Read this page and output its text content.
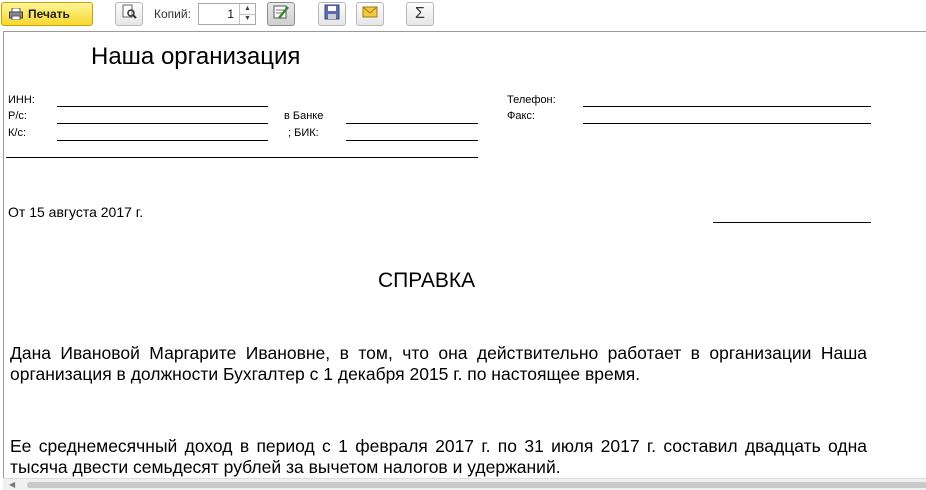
Печать	Копий:	1	▲
▼	Σ
Наша организация
ИНН:
Р/с:	в Банке
К/с:	; БИК:
Телефон:
Факс:
От 15 августа 2017 г.
СПРАВКА
Дана Ивановой Маргарите Ивановне, в том, что она действительно работает в организации Наша организация в должности Бухгалтер с 1 декабря 2015 г. по настоящее время.
Ее среднемесячный доход в период с 1 февраля 2017 г. по 31 июля 2017 г. составил двадцать одна тысяча двести семьдесят рублей за вычетом налогов и удержаний.
◀
